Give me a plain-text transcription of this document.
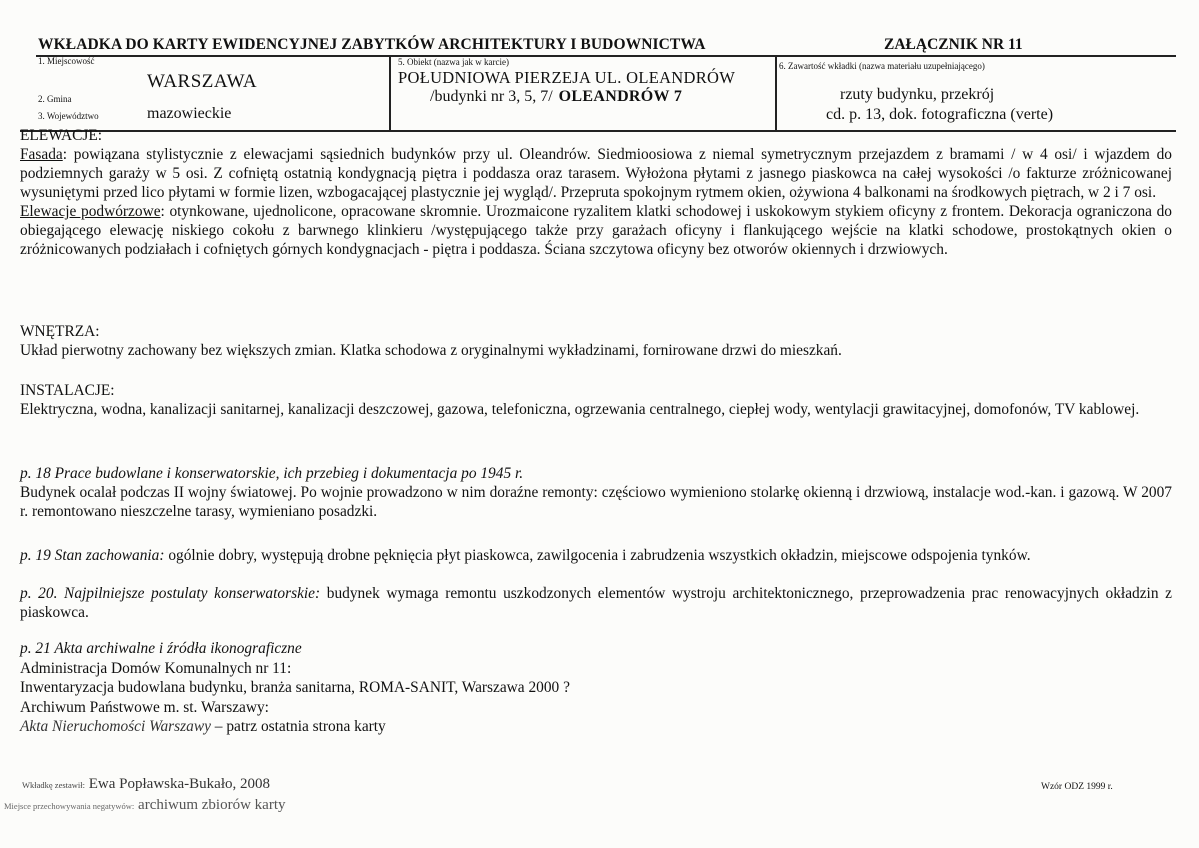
WKŁADKA DO KARTY EWIDENCYJNEJ ZABYTKÓW ARCHITEKTURY I BUDOWNICTWA	ZAŁĄCZNIK NR 11
1. Miejscowość
WARSZAWA
2. Gmina
3. Województwo	mazowieckie
5. Obiekt (nazwa jak w karcie)
POŁUDNIOWA PIERZEJA UL. OLEANDRÓW
/budynki nr 3, 5, 7/ OLEANDRÓW 7
6. Zawartość wkładki (nazwa materiału uzupełniającego)
rzuty budynku, przekrój
cd. p. 13, dok. fotograficzna (verte)
ELEWACJE:
Fasada: powiązana stylistycznie z elewacjami sąsiednich budynków przy ul. Oleandrów. Siedmioosiowa z niemal symetrycznym przejazdem z bramami / w 4 osi/ i wjazdem do podziemnych garaży w 5 osi. Z cofniętą ostatnią kondygnacją piętra i poddasza oraz tarasem. Wyłożona płytami z jasnego piaskowca na całej wysokości /o fakturze zróżnicowanej wysuniętymi przed lico płytami w formie lizen, wzbogacającej plastycznie jej wygląd/. Przepruta spokojnym rytmem okien, ożywiona 4 balkonami na środkowych piętrach, w 2 i 7 osi.
Elewacje podwórzowe: otynkowane, ujednolicone, opracowane skromnie. Urozmaicone ryzalitem klatki schodowej i uskokowym stykiem oficyny z frontem. Dekoracja ograniczona do obiegającego elewację niskiego cokołu z barwnego klinkieru /występującego także przy garażach oficyny i flankującego wejście na klatki schodowe, prostokątnych okien o zróżnicowanych podziałach i cofniętych górnych kondygnacjach - piętra i poddasza. Ściana szczytowa oficyny bez otworów okiennych i drzwiowych.
WNĘTRZA:
Układ pierwotny zachowany bez większych zmian. Klatka schodowa z oryginalnymi wykładzinami, fornirowane drzwi do mieszkań.
INSTALACJE:
Elektryczna, wodna, kanalizacji sanitarnej, kanalizacji deszczowej, gazowa, telefoniczna, ogrzewania centralnego, ciepłej wody, wentylacji grawitacyjnej, domofonów, TV kablowej.
p. 18 Prace budowlane i konserwatorskie, ich przebieg i dokumentacja po 1945 r.
Budynek ocalał podczas II wojny światowej. Po wojnie prowadzono w nim doraźne remonty: częściowo wymieniono stolarkę okienną i drzwiową, instalacje wod.-kan. i gazową. W 2007 r. remontowano nieszczelne tarasy, wymieniano posadzki.
p. 19 Stan zachowania: ogólnie dobry, występują drobne pęknięcia płyt piaskowca, zawilgocenia i zabrudzenia wszystkich okładzin, miejscowe odspojenia tynków.
p. 20. Najpilniejsze postulaty konserwatorskie: budynek wymaga remontu uszkodzonych elementów wystroju architektonicznego, przeprowadzenia prac renowacyjnych okładzin z piaskowca.
p. 21 Akta archiwalne i źródła ikonograficzne
Administracja Domów Komunalnych nr 11:
Inwentaryzacja budowlana budynku, branża sanitarna, ROMA-SANIT, Warszawa 2000 ?
Archiwum Państwowe m. st. Warszawy:
Akta Nieruchomości Warszawy – patrz ostatnia strona karty
Wkładkę zestawił: Ewa Popławska-Bukało, 2008
Miejsce przechowywania negatywów: archiwum zbiorów karty
Wzór ODZ 1999 r.
